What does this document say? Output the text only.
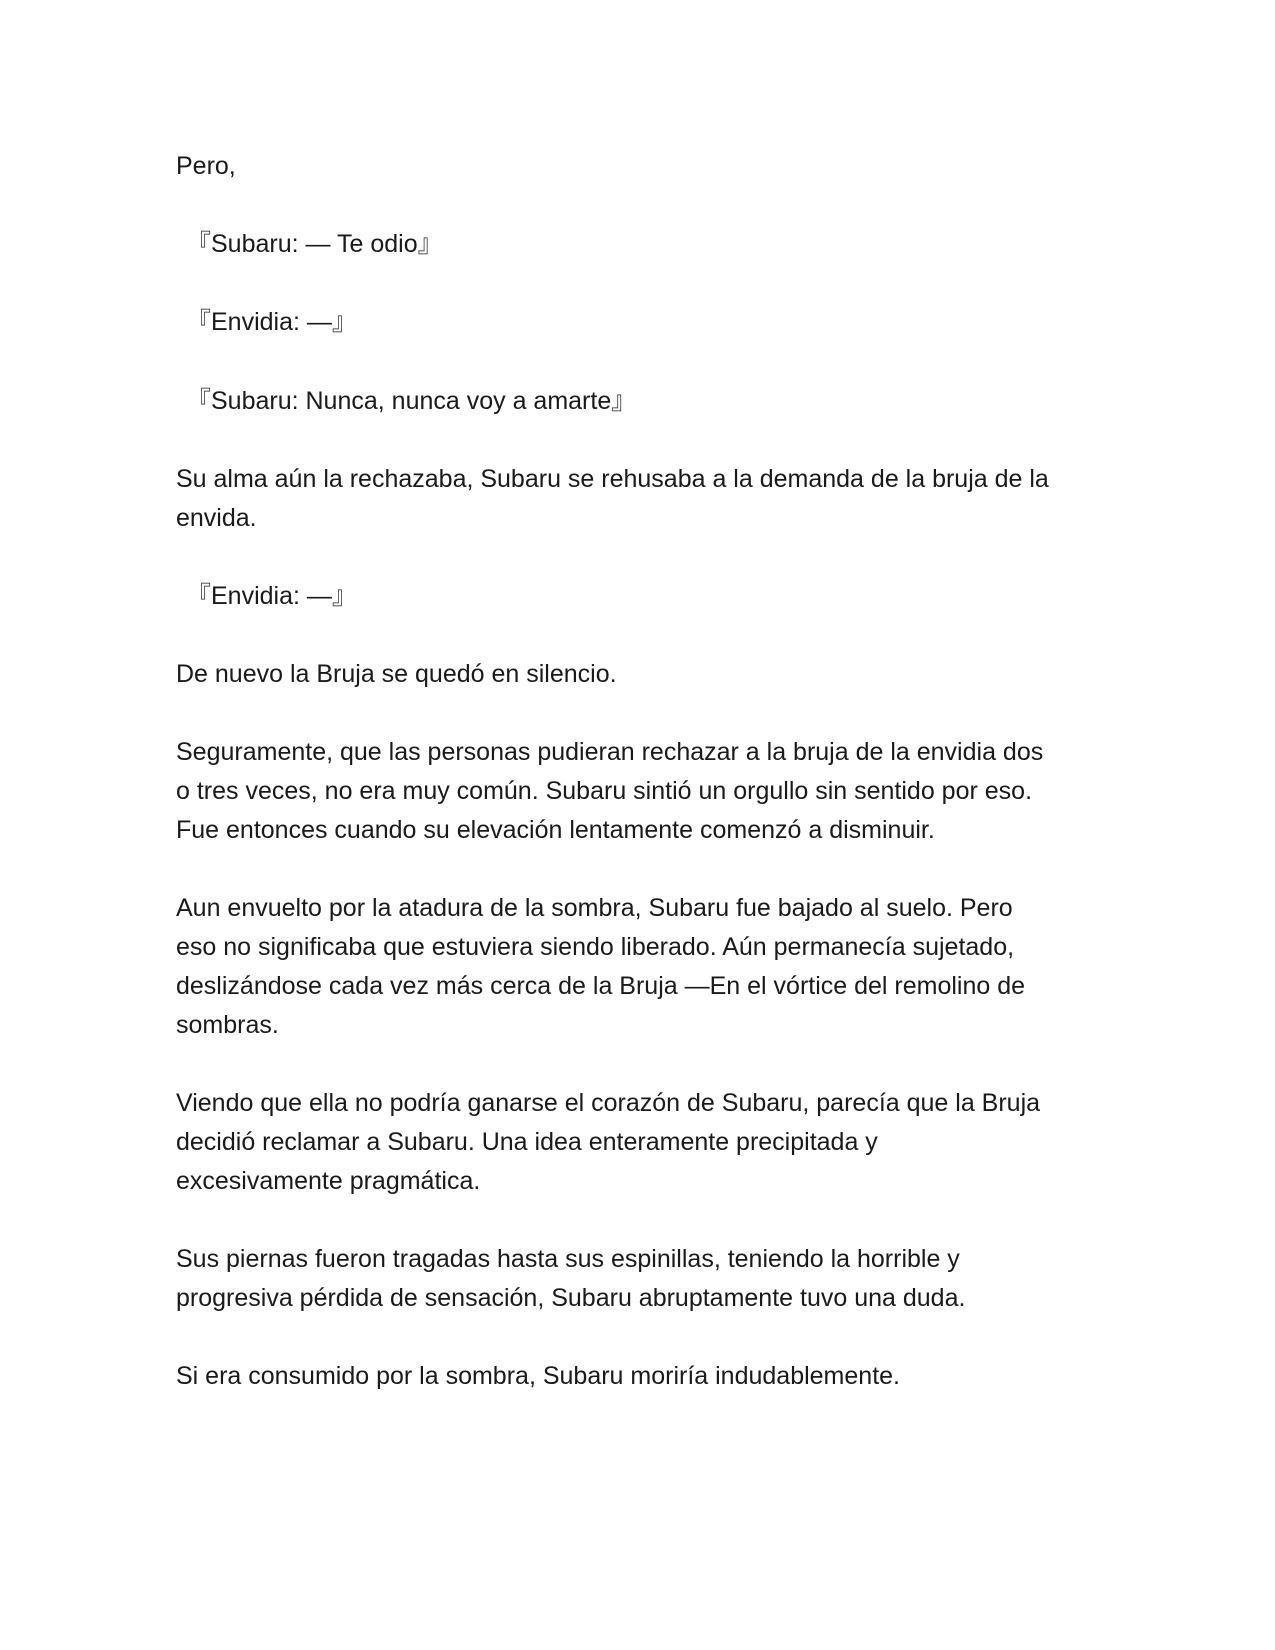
Pero,

『Subaru: — Te odio』

『Envidia: —』

『Subaru: Nunca, nunca voy a amarte』

Su alma aún la rechazaba, Subaru se rehusaba a la demanda de la bruja de la

envida.

『Envidia: —』

De nuevo la Bruja se quedó en silencio.

Seguramente, que las personas pudieran rechazar a la bruja de la envidia dos

o tres veces, no era muy común. Subaru sintió un orgullo sin sentido por eso.

Fue entonces cuando su elevación lentamente comenzó a disminuir.

Aun envuelto por la atadura de la sombra, Subaru fue bajado al suelo. Pero

eso no significaba que estuviera siendo liberado. Aún permanecía sujetado,

deslizándose cada vez más cerca de la Bruja —En el vórtice del remolino de

sombras.

Viendo que ella no podría ganarse el corazón de Subaru, parecía que la Bruja

decidió reclamar a Subaru. Una idea enteramente precipitada y

excesivamente pragmática.

Sus piernas fueron tragadas hasta sus espinillas, teniendo la horrible y

progresiva pérdida de sensación, Subaru abruptamente tuvo una duda.

Si era consumido por la sombra, Subaru moriría indudablemente.
